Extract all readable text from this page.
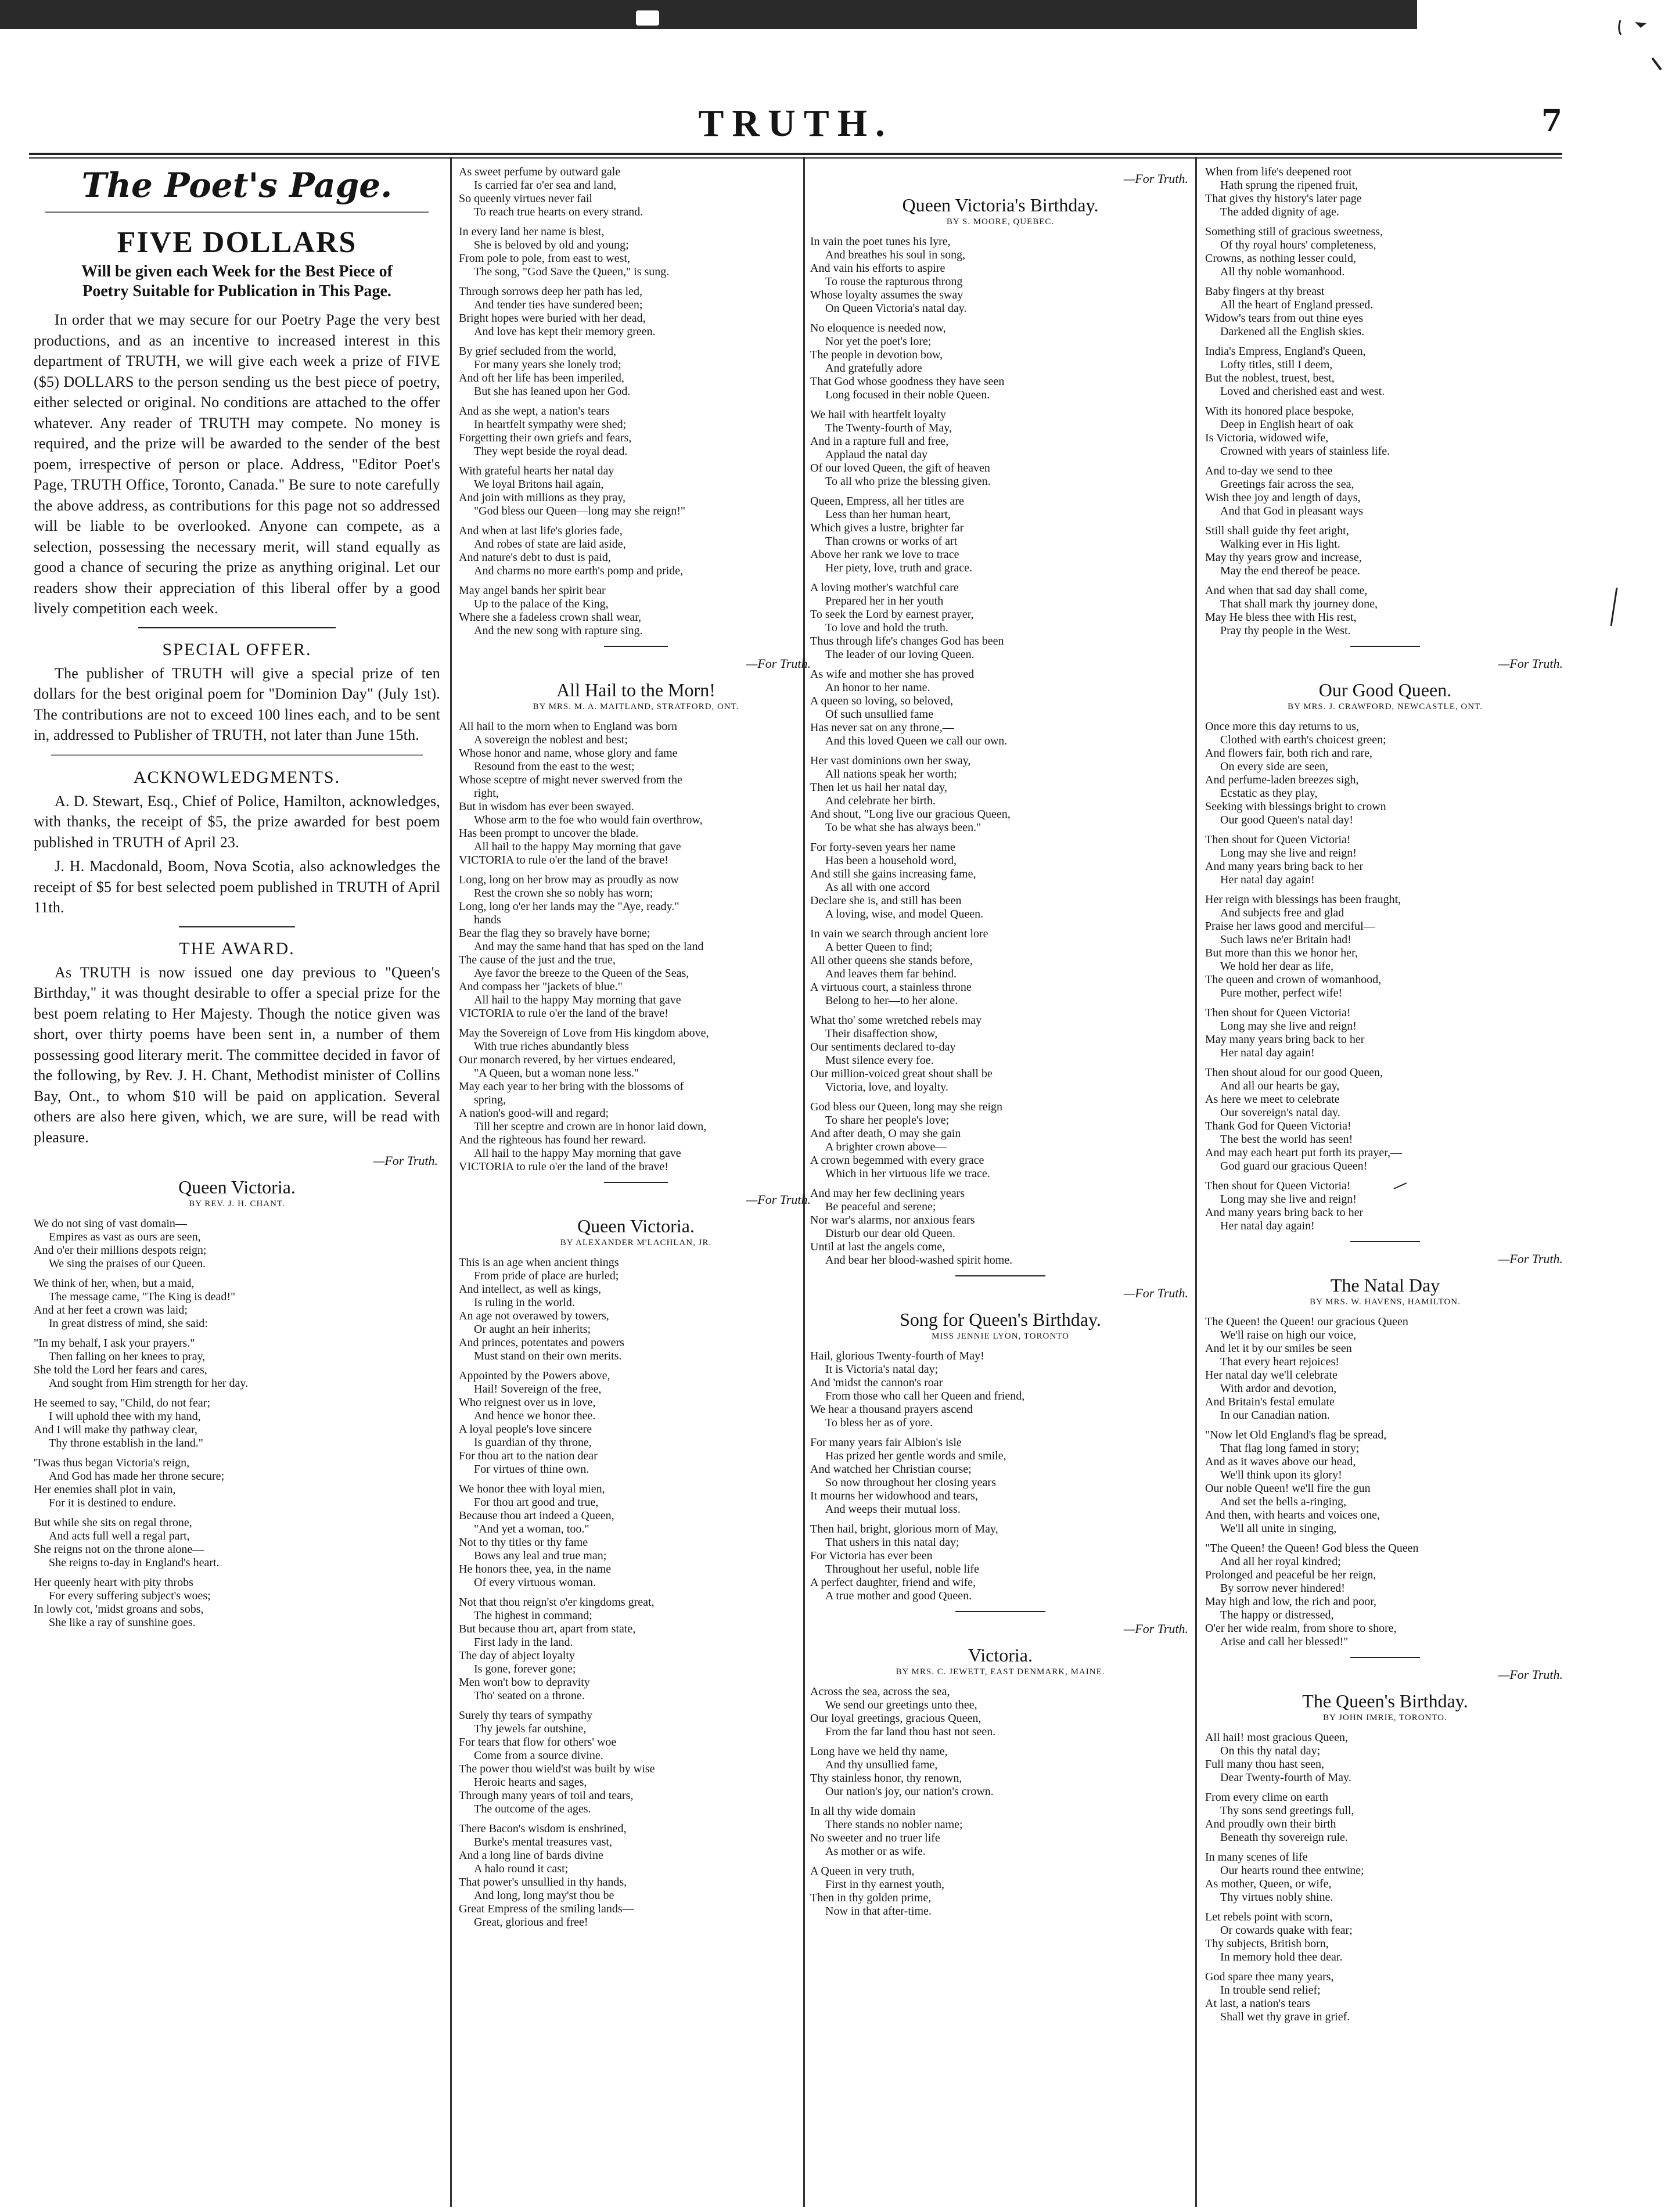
TRUTH.	7
The Poet's Page.
FIVE DOLLARS
Will be given each Week for the Best Piece of Poetry Suitable for Publication in This Page.

In order that we may secure for our Poetry Page the very best productions, and as an incentive to increased interest in this department of TRUTH, we will give each week a prize of FIVE ($5) DOLLARS to the person sending us the best piece of poetry, either selected or original. No conditions are attached to the offer whatever. Any reader of TRUTH may compete. No money is required, and the prize will be awarded to the sender of the best poem, irrespective of person or place. Address, "Editor Poet's Page, TRUTH Office, Toronto, Canada." Be sure to note carefully the above address, as contributions for this page not so addressed will be liable to be overlooked. Anyone can compete, as a selection, possessing the necessary merit, will stand equally as good a chance of securing the prize as anything original. Let our readers show their appreciation of this liberal offer by a good lively competition each week.

SPECIAL OFFER.

The publisher of TRUTH will give a special prize of ten dollars for the best original poem for "Dominion Day" (July 1st). The contributions are not to exceed 100 lines each, and to be sent in, addressed to Publisher of TRUTH, not later than June 15th.

ACKNOWLEDGMENTS.

A. D. Stewart, Esq., Chief of Police, Hamilton, acknowledges, with thanks, the receipt of $5, the prize awarded for best poem published in TRUTH of April 23.

J. H. Macdonald, Boom, Nova Scotia, also acknowledges the receipt of $5 for best selected poem published in TRUTH of April 11th.

THE AWARD.

As TRUTH is now issued one day previous to "Queen's Birthday," it was thought desirable to offer a special prize for the best poem relating to Her Majesty. Though the notice given was short, over thirty poems have been sent in, a number of them possessing good literary merit. The committee decided in favor of the following, by Rev. J. H. Chant, Methodist minister of Collins Bay, Ont., to whom $10 will be paid on application. Several others are also here given, which, we are sure, will be read with pleasure.

—For Truth.
Queen Victoria.
BY REV. J. H. CHANT.
We do not sing of vast domain—
Empires as vast as ours are seen,
And o'er their millions despots reign;
We sing the praises of our Queen.
We think of her, when, but a maid,
The message came, "The King is dead!"
And at her feet a crown was laid;
In great distress of mind, she said:
"In my behalf, I ask your prayers."
Then falling on her knees to pray,
She told the Lord her fears and cares,
And sought from Him strength for her day.
He seemed to say, "Child, do not fear;
I will uphold thee with my hand,
And I will make thy pathway clear,
Thy throne establish in the land."
'Twas thus began Victoria's reign,
And God has made her throne secure;
Her enemies shall plot in vain,
For it is destined to endure.
But while she sits on regal throne,
And acts full well a regal part,
She reigns not on the throne alone—
She reigns to-day in England's heart.
Her queenly heart with pity throbs
For every suffering subject's woes;
In lowly cot, 'midst groans and sobs,
She like a ray of sunshine goes.
As sweet perfume by outward gale
Is carried far o'er sea and land,
So queenly virtues never fail
To reach true hearts on every strand.
In every land her name is blest,
She is beloved by old and young;
From pole to pole, from east to west,
The song, "God Save the Queen," is sung.
Through sorrows deep her path has led,
And tender ties have sundered been;
Bright hopes were buried with her dead,
And love has kept their memory green.
By grief secluded from the world,
For many years she lonely trod;
And oft her life has been imperiled,
But she has leaned upon her God.
And as she wept, a nation's tears
In heartfelt sympathy were shed;
Forgetting their own griefs and fears,
They wept beside the royal dead.
With grateful hearts her natal day
We loyal Britons hail again,
And join with millions as they pray,
"God bless our Queen—long may she reign!"
And when at last life's glories fade,
And robes of state are laid aside,
And nature's debt to dust is paid,
And charms no more earth's pomp and pride,
May angel bands her spirit bear
Up to the palace of the King,
Where she a fadeless crown shall wear,
And the new song with rapture sing.
—For Truth.
All Hail to the Morn!
BY MRS. M. A. MAITLAND, STRATFORD, ONT.
All hail to the morn when to England was born
A sovereign the noblest and best;
Whose honor and name, whose glory and fame
Resound from the east to the west;
Whose sceptre of might never swerved from the
right,
But in wisdom has ever been swayed.
Whose arm to the foe who would fain overthrow,
Has been prompt to uncover the blade.
All hail to the happy May morning that gave
VICTORIA to rule o'er the land of the brave!
Long, long on her brow may as proudly as now
Rest the crown she so nobly has worn;
Long, long o'er her lands may the "Aye, ready."
hands
Bear the flag they so bravely have borne;
And may the same hand that has sped on the land
The cause of the just and the true,
Aye favor the breeze to the Queen of the Seas,
And compass her "jackets of blue."
All hail to the happy May morning that gave
VICTORIA to rule o'er the land of the brave!
May the Sovereign of Love from His kingdom above,
With true riches abundantly bless
Our monarch revered, by her virtues endeared,
"A Queen, but a woman none less."
May each year to her bring with the blossoms of
spring,
A nation's good-will and regard;
Till her sceptre and crown are in honor laid down,
And the righteous has found her reward.
All hail to the happy May morning that gave
VICTORIA to rule o'er the land of the brave!
—For Truth.
Queen Victoria.
BY ALEXANDER M'LACHLAN, JR.
This is an age when ancient things
From pride of place are hurled;
And intellect, as well as kings,
Is ruling in the world.
An age not overawed by towers,
Or aught an heir inherits;
And princes, potentates and powers
Must stand on their own merits.
Appointed by the Powers above,
Hail! Sovereign of the free,
Who reignest over us in love,
And hence we honor thee.
A loyal people's love sincere
Is guardian of thy throne,
For thou art to the nation dear
For virtues of thine own.
We honor thee with loyal mien,
For thou art good and true,
Because thou art indeed a Queen,
"And yet a woman, too."
Not to thy titles or thy fame
Bows any leal and true man;
He honors thee, yea, in the name
Of every virtuous woman.
Not that thou reign'st o'er kingdoms great,
The highest in command;
But because thou art, apart from state,
First lady in the land.
The day of abject loyalty
Is gone, forever gone;
Men won't bow to depravity
Tho' seated on a throne.
Surely thy tears of sympathy
Thy jewels far outshine,
For tears that flow for others' woe
Come from a source divine.
The power thou wield'st was built by wise
Heroic hearts and sages,
Through many years of toil and tears,
The outcome of the ages.
There Bacon's wisdom is enshrined,
Burke's mental treasures vast,
And a long line of bards divine
A halo round it cast;
That power's unsullied in thy hands,
And long, long may'st thou be
Great Empress of the smiling lands—
Great, glorious and free!
—For Truth.
Queen Victoria's Birthday.
BY S. MOORE, QUEBEC.
In vain the poet tunes his lyre,
And breathes his soul in song,
And vain his efforts to aspire
To rouse the rapturous throng
Whose loyalty assumes the sway
On Queen Victoria's natal day.
No eloquence is needed now,
Nor yet the poet's lore;
The people in devotion bow,
And gratefully adore
That God whose goodness they have seen
Long focused in their noble Queen.
We hail with heartfelt loyalty
The Twenty-fourth of May,
And in a rapture full and free,
Applaud the natal day
Of our loved Queen, the gift of heaven
To all who prize the blessing given.
Queen, Empress, all her titles are
Less than her human heart,
Which gives a lustre, brighter far
Than crowns or works of art
Above her rank we love to trace
Her piety, love, truth and grace.
A loving mother's watchful care
Prepared her in her youth
To seek the Lord by earnest prayer,
To love and hold the truth.
Thus through life's changes God has been
The leader of our loving Queen.
As wife and mother she has proved
An honor to her name.
A queen so loving, so beloved,
Of such unsullied fame
Has never sat on any throne,—
And this loved Queen we call our own.
Her vast dominions own her sway,
All nations speak her worth;
Then let us hail her natal day,
And celebrate her birth.
And shout, "Long live our gracious Queen,
To be what she has always been."
For forty-seven years her name
Has been a household word,
And still she gains increasing fame,
As all with one accord
Declare she is, and still has been
A loving, wise, and model Queen.
In vain we search through ancient lore
A better Queen to find;
All other queens she stands before,
And leaves them far behind.
A virtuous court, a stainless throne
Belong to her—to her alone.
What tho' some wretched rebels may
Their disaffection show,
Our sentiments declared to-day
Must silence every foe.
Our million-voiced great shout shall be
Victoria, love, and loyalty.
God bless our Queen, long may she reign
To share her people's love;
And after death, O may she gain
A brighter crown above—
A crown begemmed with every grace
Which in her virtuous life we trace.
And may her few declining years
Be peaceful and serene;
Nor war's alarms, nor anxious fears
Disturb our dear old Queen.
Until at last the angels come,
And bear her blood-washed spirit home.
—For Truth.
Song for Queen's Birthday.
MISS JENNIE LYON, TORONTO
Hail, glorious Twenty-fourth of May!
It is Victoria's natal day;
And 'midst the cannon's roar
From those who call her Queen and friend,
We hear a thousand prayers ascend
To bless her as of yore.
For many years fair Albion's isle
Has prized her gentle words and smile,
And watched her Christian course;
So now throughout her closing years
It mourns her widowhood and tears,
And weeps their mutual loss.
Then hail, bright, glorious morn of May,
That ushers in this natal day;
For Victoria has ever been
Throughout her useful, noble life
A perfect daughter, friend and wife,
A true mother and good Queen.
—For Truth.
Victoria.
BY MRS. C. JEWETT, EAST DENMARK, MAINE.
Across the sea, across the sea,
We send our greetings unto thee,
Our loyal greetings, gracious Queen,
From the far land thou hast not seen.
Long have we held thy name,
And thy unsullied fame,
Thy stainless honor, thy renown,
Our nation's joy, our nation's crown.
In all thy wide domain
There stands no nobler name;
No sweeter and no truer life
As mother or as wife.
A Queen in very truth,
First in thy earnest youth,
Then in thy golden prime,
Now in that after-time.
When from life's deepened root
Hath sprung the ripened fruit,
That gives thy history's later page
The added dignity of age.
Something still of gracious sweetness,
Of thy royal hours' completeness,
Crowns, as nothing lesser could,
All thy noble womanhood.
Baby fingers at thy breast
All the heart of England pressed.
Widow's tears from out thine eyes
Darkened all the English skies.
India's Empress, England's Queen,
Lofty titles, still I deem,
But the noblest, truest, best,
Loved and cherished east and west.
With its honored place bespoke,
Deep in English heart of oak
Is Victoria, widowed wife,
Crowned with years of stainless life.
And to-day we send to thee
Greetings fair across the sea,
Wish thee joy and length of days,
And that God in pleasant ways
Still shall guide thy feet aright,
Walking ever in His light.
May thy years grow and increase,
May the end thereof be peace.
And when that sad day shall come,
That shall mark thy journey done,
May He bless thee with His rest,
Pray thy people in the West.
—For Truth.
Our Good Queen.
BY MRS. J. CRAWFORD, NEWCASTLE, ONT.
Once more this day returns to us,
Clothed with earth's choicest green;
And flowers fair, both rich and rare,
On every side are seen,
And perfume-laden breezes sigh,
Ecstatic as they play,
Seeking with blessings bright to crown
Our good Queen's natal day!
Then shout for Queen Victoria!
Long may she live and reign!
And many years bring back to her
Her natal day again!
Her reign with blessings has been fraught,
And subjects free and glad
Praise her laws good and merciful—
Such laws ne'er Britain had!
But more than this we honor her,
We hold her dear as life,
The queen and crown of womanhood,
Pure mother, perfect wife!
Then shout for Queen Victoria!
Long may she live and reign!
May many years bring back to her
Her natal day again!
Then shout aloud for our good Queen,
And all our hearts be gay,
As here we meet to celebrate
Our sovereign's natal day.
Thank God for Queen Victoria!
The best the world has seen!
And may each heart put forth its prayer,—
God guard our gracious Queen!
Then shout for Queen Victoria!
Long may she live and reign!
And many years bring back to her
Her natal day again!
—For Truth.
The Natal Day
BY MRS. W. HAVENS, HAMILTON.
The Queen! the Queen! our gracious Queen
We'll raise on high our voice,
And let it by our smiles be seen
That every heart rejoices!
Her natal day we'll celebrate
With ardor and devotion,
And Britain's festal emulate
In our Canadian nation.
"Now let Old England's flag be spread,
That flag long famed in story;
And as it waves above our head,
We'll think upon its glory!
Our noble Queen! we'll fire the gun
And set the bells a-ringing,
And then, with hearts and voices one,
We'll all unite in singing,
"The Queen! the Queen! God bless the Queen
And all her royal kindred;
Prolonged and peaceful be her reign,
By sorrow never hindered!
May high and low, the rich and poor,
The happy or distressed,
O'er her wide realm, from shore to shore,
Arise and call her blessed!"
—For Truth.
The Queen's Birthday.
BY JOHN IMRIE, TORONTO.
All hail! most gracious Queen,
On this thy natal day;
Full many thou hast seen,
Dear Twenty-fourth of May.
From every clime on earth
Thy sons send greetings full,
And proudly own their birth
Beneath thy sovereign rule.
In many scenes of life
Our hearts round thee entwine;
As mother, Queen, or wife,
Thy virtues nobly shine.
Let rebels point with scorn,
Or cowards quake with fear;
Thy subjects, British born,
In memory hold thee dear.
God spare thee many years,
In trouble send relief;
At last, a nation's tears
Shall wet thy grave in grief.
